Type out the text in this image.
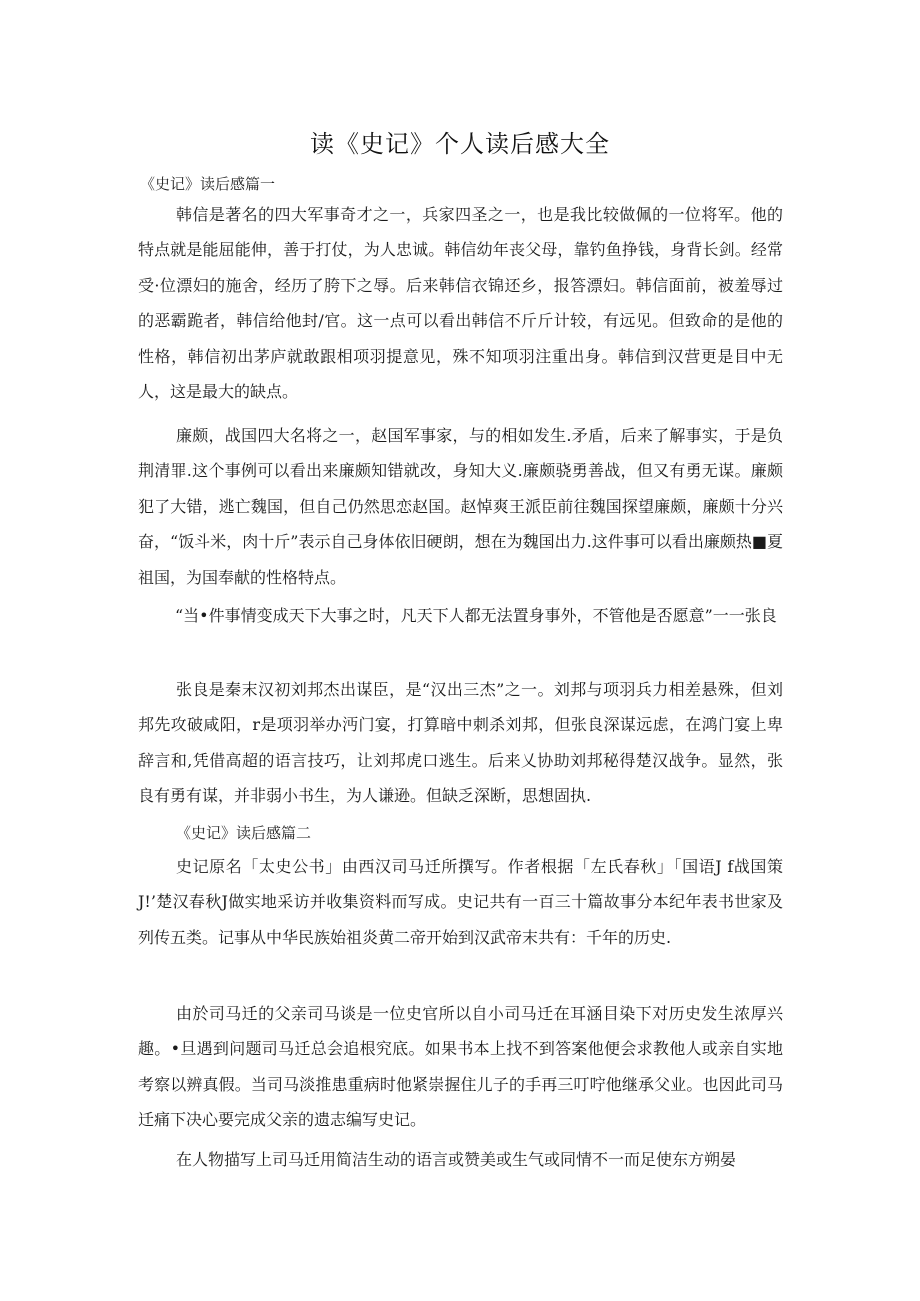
读《史记》个人读后感大全

《史记》读后感篇一

韩信是著名的四大军事奇才之一，兵家四圣之一，也是我比较做佩的一位将军。他的特点就是能屈能伸，善于打仗，为人忠诚。韩信幼年丧父母，靠钓鱼挣钱，身背长剑。经常受·位漂妇的施舍，经历了胯下之辱。后来韩信衣锦还乡，报答漂妇。韩信面前，被羞辱过的恶霸跪者，韩信给他封/官。这一点可以看出韩信不斤斤计较，有远见。但致命的是他的性格，韩信初出茅庐就敢跟相项羽提意见，殊不知项羽注重出身。韩信到汉营更是目中无人，这是最大的缺点。

廉颇，战国四大名将之一，赵国军事家，与的相如发生.矛盾，后来了解事实，于是负荆清罪.这个事例可以看出来廉颇知错就改，身知大义.廉颇骁勇善战，但又有勇无谋。廉颇犯了大错，逃亡魏国，但自己仍然思恋赵国。赵悼爽王派臣前往魏国探望廉颇，廉颇十分兴奋，“饭斗米，肉十斤”表示自己身体依旧硬朗，想在为魏国出力.这件事可以看出廉颇热■夏祖国，为国奉献的性格特点。

“当•件事情变成天下大事之时，凡天下人都无法置身事外，不管他是否愿意”一一张良

张良是秦末汉初刘邦杰出谋臣，是“汉出三杰”之一。刘邦与项羽兵力相差悬殊，但刘邦先攻破咸阳，r是项羽举办沔门宴，打算暗中刺杀刘邦，但张良深谋远虑，在鸿门宴上卑辞言和,凭借高超的语言技巧，让刘邦虎口逃生。后来乂协助刘邦秘得楚汉战争。显然，张良有勇有谋，并非弱小书生，为人谦逊。但缺乏深断，思想固执.

《史记》读后感篇二

史记原名「太史公书」由西汉司马迁所撰写。作者根据「左氏春秋」「国语J f战国策J!’楚汉春秋J做实地采访并收集资料而写成。史记共有一百三十篇故事分本纪年表书世家及列传五类。记事从中华民族始祖炎黄二帝开始到汉武帝末共有：千年的历史.

由於司马迁的父亲司马谈是一位史官所以自小司马迁在耳涵目染下对历史发生浓厚兴趣。•旦遇到问题司马迁总会追根究底。如果书本上找不到答案他便会求教他人或亲自实地考察以辨真假。当司马淡推患重病时他紧崇握住儿子的手再三叮咛他继承父业。也因此司马迁痛下决心要完成父亲的遗志编写史记。

在人物描写上司马迁用简洁生动的语言或赞美或生气或同情不一而足使东方朔晏
